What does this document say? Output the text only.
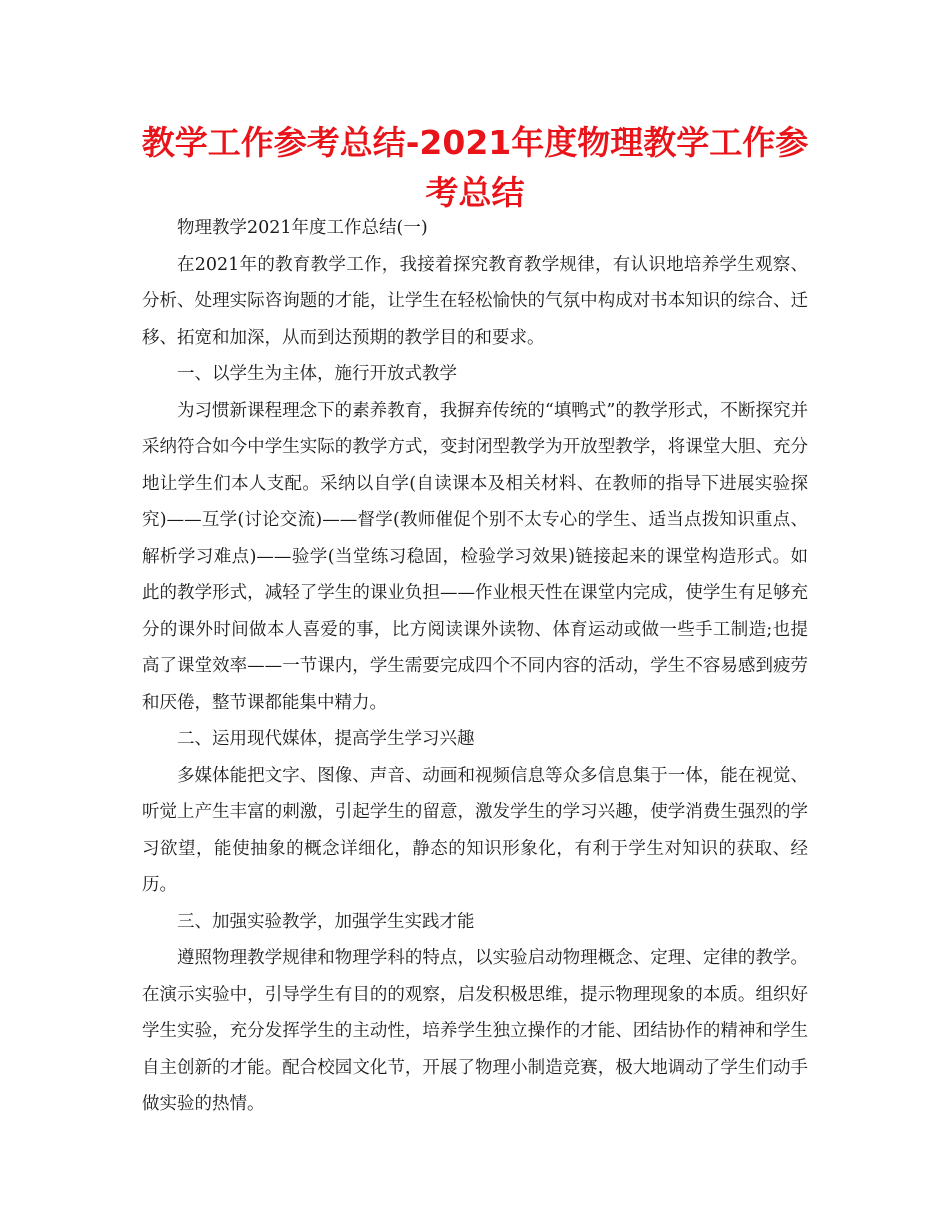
教学工作参考总结-2021年度物理教学工作参考总结

物理教学2021年度工作总结(一)

在2021年的教育教学工作，我接着探究教育教学规律，有认识地培养学生观察、分析、处理实际咨询题的才能，让学生在轻松愉快的气氛中构成对书本知识的综合、迁移、拓宽和加深，从而到达预期的教学目的和要求。

一、以学生为主体，施行开放式教学

为习惯新课程理念下的素养教育，我摒弃传统的“填鸭式”的教学形式，不断探究并采纳符合如今中学生实际的教学方式，变封闭型教学为开放型教学，将课堂大胆、充分地让学生们本人支配。采纳以自学(自读课本及相关材料、在教师的指导下进展实验探究)——互学(讨论交流)——督学(教师催促个别不太专心的学生、适当点拨知识重点、解析学习难点)——验学(当堂练习稳固，检验学习效果)链接起来的课堂构造形式。如此的教学形式，减轻了学生的课业负担——作业根天性在课堂内完成，使学生有足够充分的课外时间做本人喜爱的事，比方阅读课外读物、体育运动或做一些手工制造;也提高了课堂效率——一节课内，学生需要完成四个不同内容的活动，学生不容易感到疲劳和厌倦，整节课都能集中精力。

二、运用现代媒体，提高学生学习兴趣

多媒体能把文字、图像、声音、动画和视频信息等众多信息集于一体，能在视觉、听觉上产生丰富的刺激，引起学生的留意，激发学生的学习兴趣，使学消费生强烈的学习欲望，能使抽象的概念详细化，静态的知识形象化，有利于学生对知识的获取、经历。

三、加强实验教学，加强学生实践才能

遵照物理教学规律和物理学科的特点，以实验启动物理概念、定理、定律的教学。在演示实验中，引导学生有目的的观察，启发积极思维，提示物理现象的本质。组织好学生实验，充分发挥学生的主动性，培养学生独立操作的才能、团结协作的精神和学生自主创新的才能。配合校园文化节，开展了物理小制造竞赛，极大地调动了学生们动手做实验的热情。
